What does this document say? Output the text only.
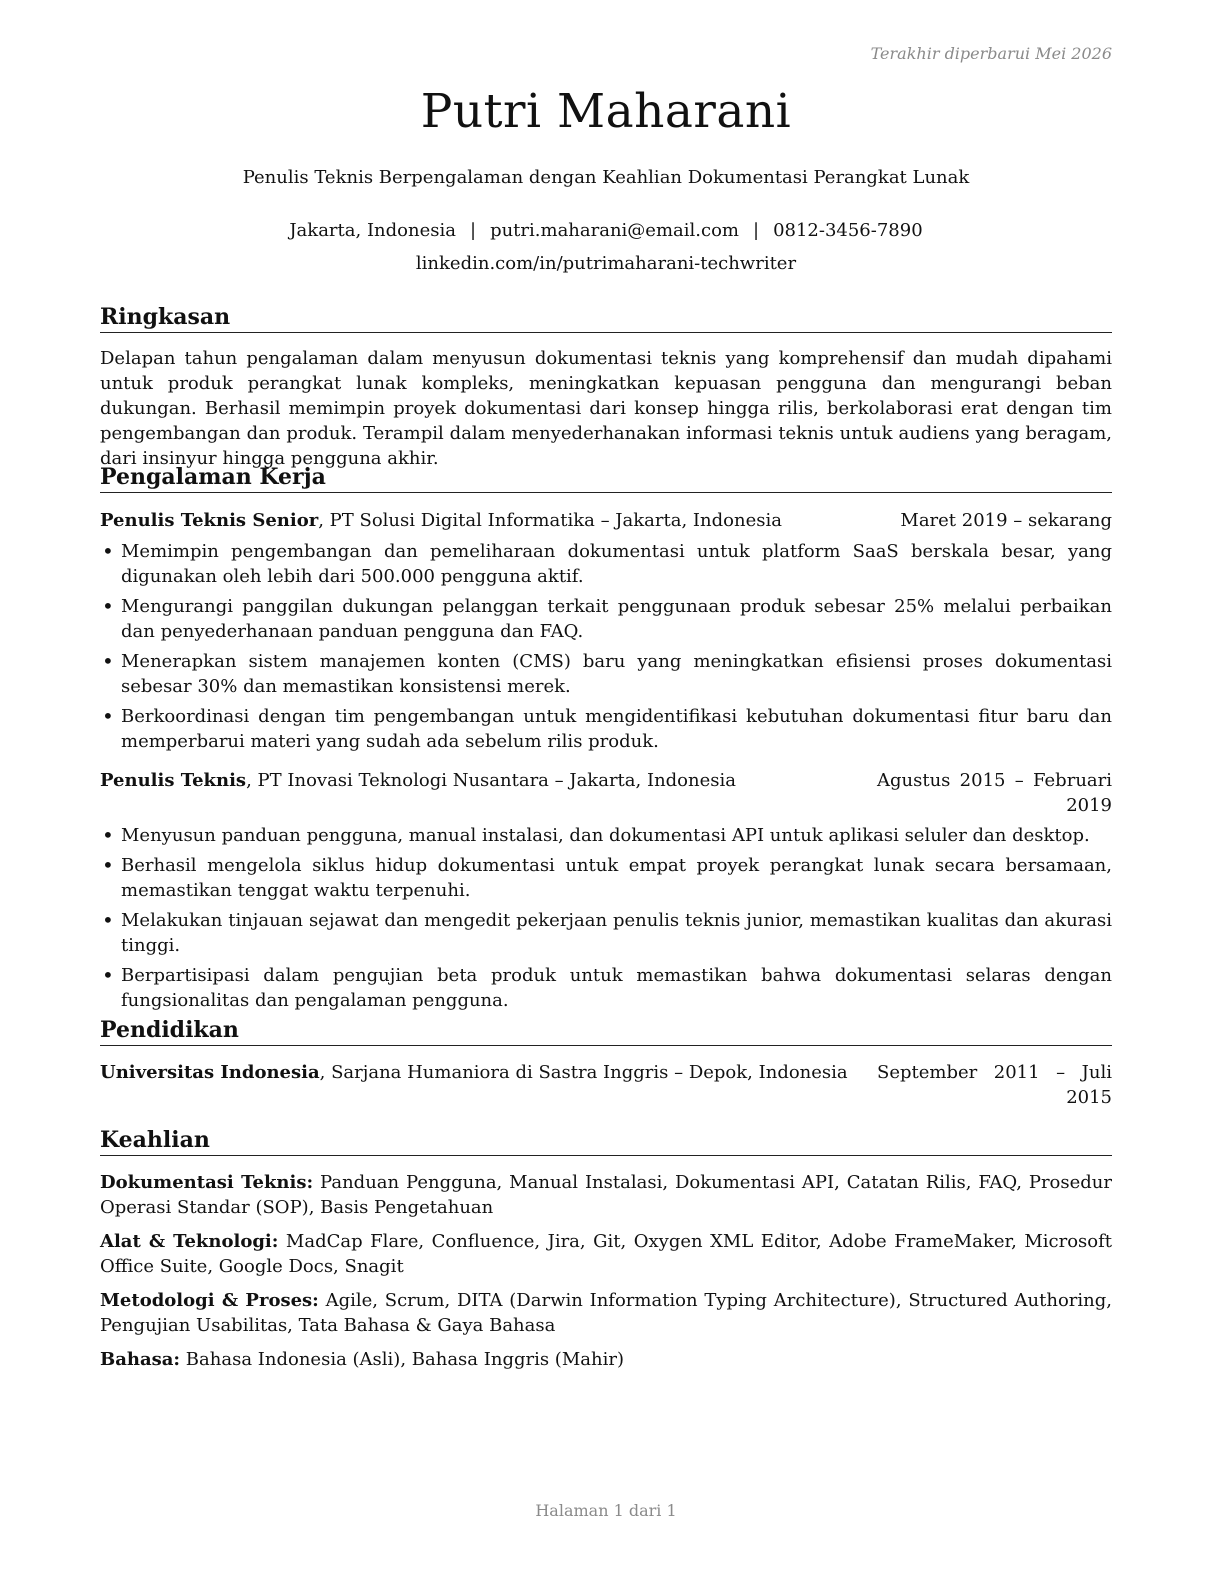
Terakhir diperbarui Mei 2026
Putri Maharani
Penulis Teknis Berpengalaman dengan Keahlian Dokumentasi Perangkat Lunak
Jakarta, Indonesia | putri.maharani@email.com | 0812-3456-7890
linkedin.com/in/putrimaharani-techwriter
Ringkasan
Delapan tahun pengalaman dalam menyusun dokumentasi teknis yang komprehensif dan mudah dipahami untuk produk perangkat lunak kompleks, meningkatkan kepuasan pengguna dan mengurangi beban dukungan. Berhasil memimpin proyek dokumentasi dari konsep hingga rilis, berkolaborasi erat dengan tim pengembangan dan produk. Terampil dalam menyederhanakan informasi teknis untuk audiens yang beragam, dari insinyur hingga pengguna akhir.
Pengalaman Kerja
Penulis Teknis Senior, PT Solusi Digital Informatika – Jakarta, Indonesia	Maret 2019 – sekarang
• Memimpin pengembangan dan pemeliharaan dokumentasi untuk platform SaaS berskala besar, yang digunakan oleh lebih dari 500.000 pengguna aktif.
• Mengurangi panggilan dukungan pelanggan terkait penggunaan produk sebesar 25% melalui perbaikan dan penyederhanaan panduan pengguna dan FAQ.
• Menerapkan sistem manajemen konten (CMS) baru yang meningkatkan efisiensi proses dokumentasi sebesar 30% dan memastikan konsistensi merek.
• Berkoordinasi dengan tim pengembangan untuk mengidentifikasi kebutuhan dokumentasi fitur baru dan memperbarui materi yang sudah ada sebelum rilis produk.
Penulis Teknis, PT Inovasi Teknologi Nusantara – Jakarta, Indonesia	Agustus 2015 – Februari 2019
• Menyusun panduan pengguna, manual instalasi, dan dokumentasi API untuk aplikasi seluler dan desktop.
• Berhasil mengelola siklus hidup dokumentasi untuk empat proyek perangkat lunak secara bersamaan, memastikan tenggat waktu terpenuhi.
• Melakukan tinjauan sejawat dan mengedit pekerjaan penulis teknis junior, memastikan kualitas dan akurasi tinggi.
• Berpartisipasi dalam pengujian beta produk untuk memastikan bahwa dokumentasi selaras dengan fungsionalitas dan pengalaman pengguna.
Pendidikan
Universitas Indonesia, Sarjana Humaniora di Sastra Inggris – Depok, Indonesia September 2011 – Juli 2015
Keahlian
Dokumentasi Teknis: Panduan Pengguna, Manual Instalasi, Dokumentasi API, Catatan Rilis, FAQ, Prosedur Operasi Standar (SOP), Basis Pengetahuan
Alat & Teknologi: MadCap Flare, Confluence, Jira, Git, Oxygen XML Editor, Adobe FrameMaker, Microsoft Office Suite, Google Docs, Snagit
Metodologi & Proses: Agile, Scrum, DITA (Darwin Information Typing Architecture), Structured Authoring, Pengujian Usabilitas, Tata Bahasa & Gaya Bahasa
Bahasa: Bahasa Indonesia (Asli), Bahasa Inggris (Mahir)
Halaman 1 dari 1
